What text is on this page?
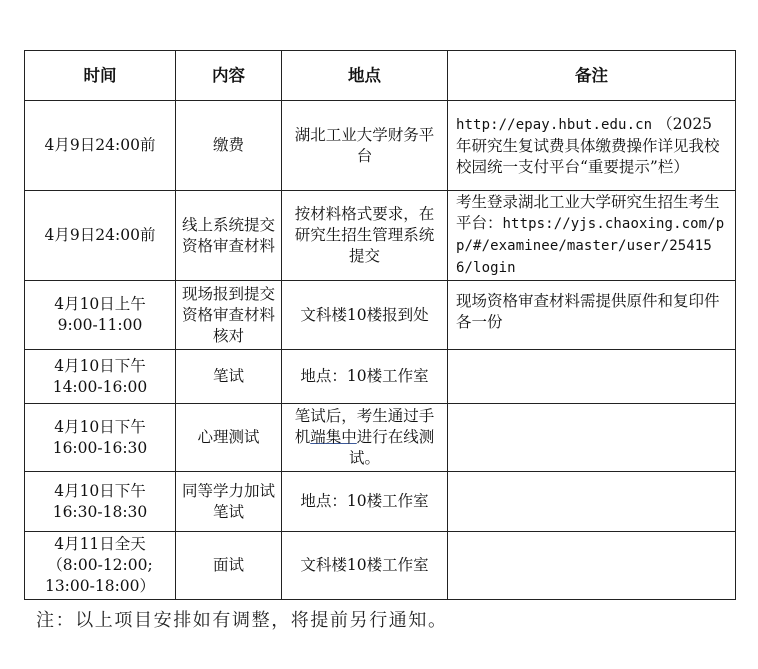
时间	内容	地点	备注
4月9日24:00前	缴费	湖北工业大学财务平台	http://epay.hbut.edu.cn （2025年研究生复试费具体缴费操作详见我校校园统一支付平台“重要提示”栏）
4月9日24:00前	线上系统提交资格审查材料	按材料格式要求，在研究生招生管理系统提交	考生登录湖北工业大学研究生招生考生平台：https://yjs.chaoxing.com/pp/#/examinee/master/user/254156/login

4月10日上午
9:00-11:00	现场报到提交资格审查材料核对	文科楼10楼报到处	现场资格审查材料需提供原件和复印件各一份

4月10日下午
14:00-16:00	笔试	地点：10楼工作室	

4月10日下午
16:00-16:30	心理测试	笔试后，考生通过手机端集中进行在线测试。	

4月10日下午
16:30-18:30	同等学力加试笔试	地点：10楼工作室	

4月11日全天
（8:00-12:00;
13:00-18:00）	面试	文科楼10楼工作室	
注：以上项目安排如有调整，将提前另行通知。
